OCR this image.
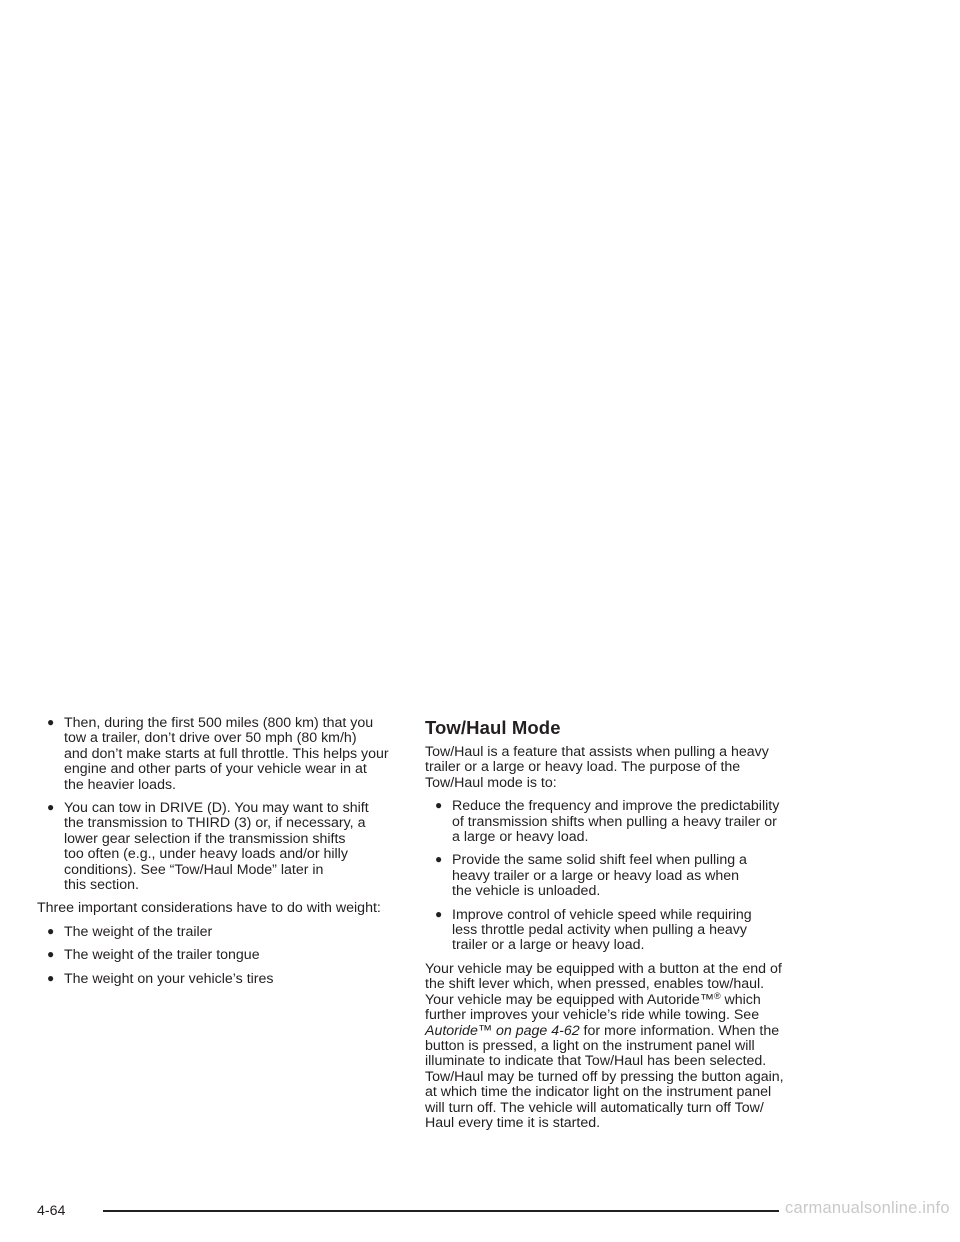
● Then, during the first 500 miles (800 km) that you
tow a trailer, don’t drive over 50 mph (80 km/h)
and don’t make starts at full throttle. This helps your
engine and other parts of your vehicle wear in at
the heavier loads.

● You can tow in DRIVE (D). You may want to shift
the transmission to THIRD (3) or, if necessary, a
lower gear selection if the transmission shifts
too often (e.g., under heavy loads and/or hilly
conditions). See “Tow/Haul Mode” later in
this section.

Three important considerations have to do with weight:

● The weight of the trailer

● The weight of the trailer tongue

● The weight on your vehicle’s tires

Tow/Haul Mode

Tow/Haul is a feature that assists when pulling a heavy
trailer or a large or heavy load. The purpose of the
Tow/Haul mode is to:

● Reduce the frequency and improve the predictability
of transmission shifts when pulling a heavy trailer or
a large or heavy load.

● Provide the same solid shift feel when pulling a
heavy trailer or a large or heavy load as when
the vehicle is unloaded.

● Improve control of vehicle speed while requiring
less throttle pedal activity when pulling a heavy
trailer or a large or heavy load.

Your vehicle may be equipped with a button at the end of
the shift lever which, when pressed, enables tow/haul.
Your vehicle may be equipped with Autoride™® which
further improves your vehicle’s ride while towing. See
Autoride™ on page 4-62 for more information. When the
button is pressed, a light on the instrument panel will
illuminate to indicate that Tow/Haul has been selected.
Tow/Haul may be turned off by pressing the button again,
at which time the indicator light on the instrument panel
will turn off. The vehicle will automatically turn off Tow/
Haul every time it is started.

4-64	carmanualsonline.info
